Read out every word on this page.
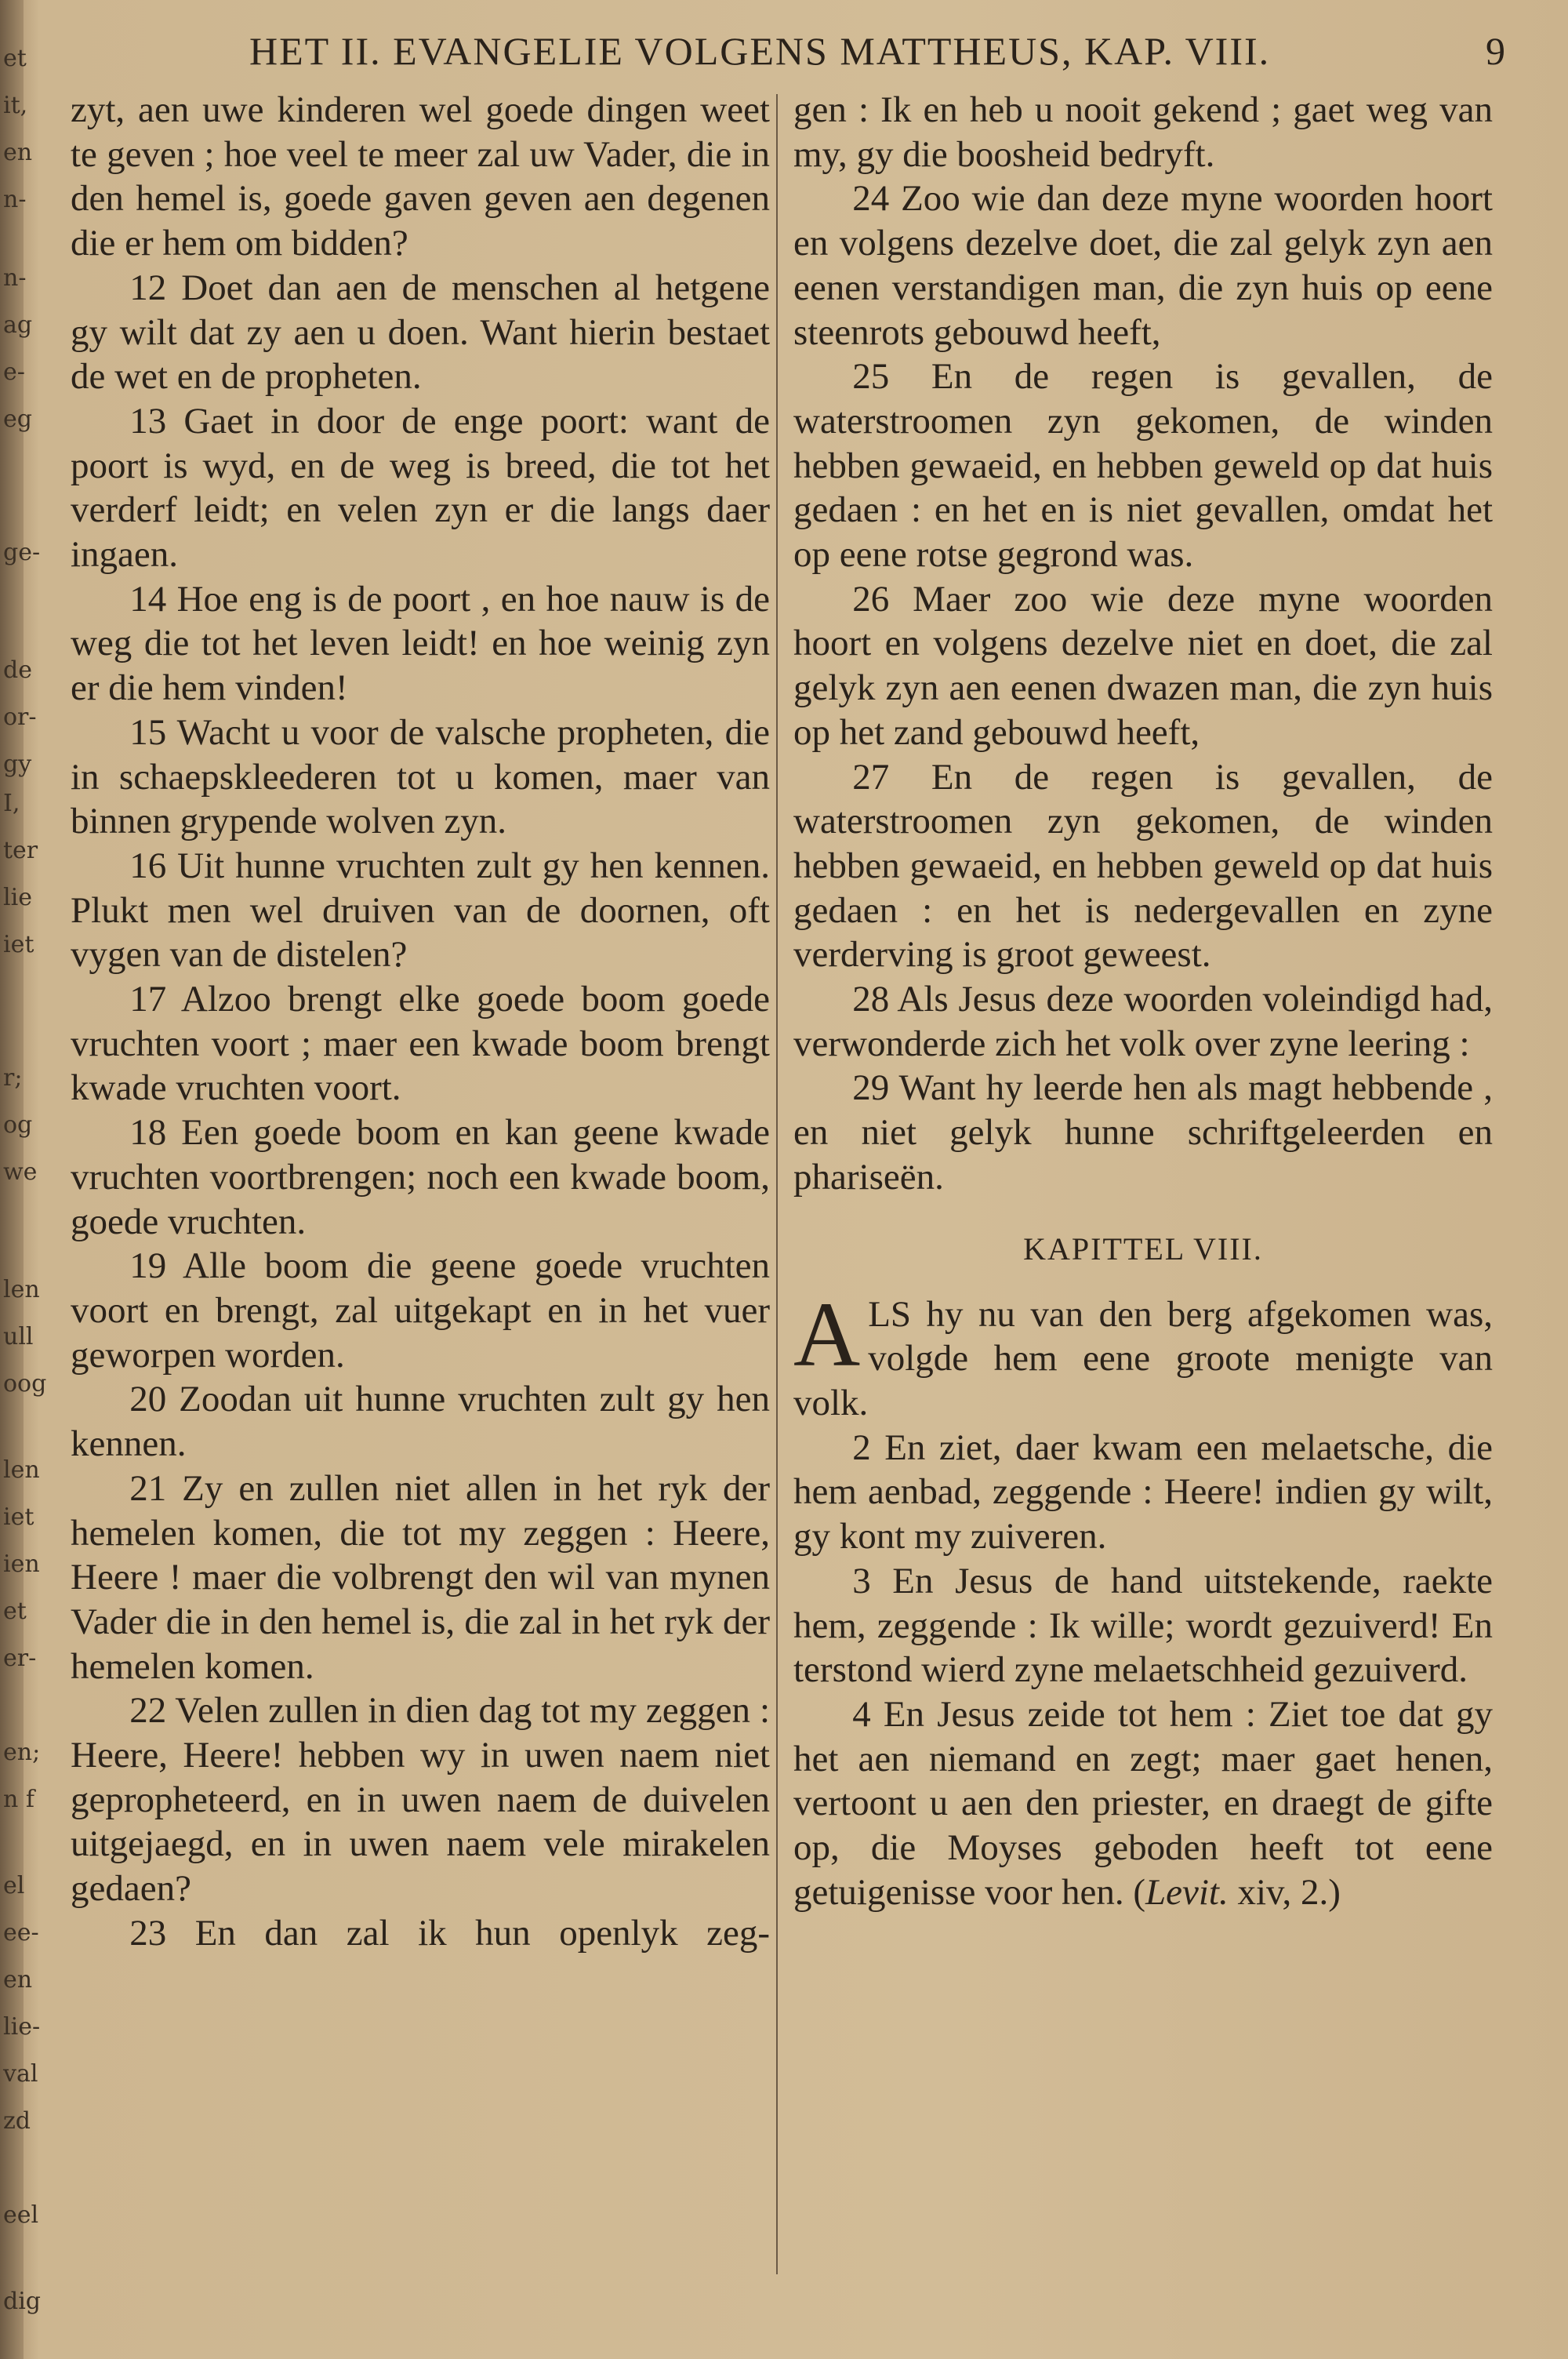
et
it,
en
n-
n-
ag
e-
eg
ge-
de
or-
gy
I,
ter
lie
iet
r;
og
we
len
ull
oog
len
iet
ien
et
er-
en;
n f
el
ee-
en
lie-
val
zd
eel
dig
HET II. EVANGELIE VOLGENS MATTHEUS, KAP. VIII.	9

zyt, aen uwe kinderen wel goede dingen weet te geven ; hoe veel te meer zal uw Vader, die in den hemel is, goede gaven geven aen degenen die er hem om bidden?

12 Doet dan aen de menschen al hetgene gy wilt dat zy aen u doen. Want hierin bestaet de wet en de propheten.

13 Gaet in door de enge poort: want de poort is wyd, en de weg is breed, die tot het verderf leidt; en velen zyn er die langs daer ingaen.

14 Hoe eng is de poort , en hoe nauw is de weg die tot het leven leidt! en hoe weinig zyn er die hem vinden!

15 Wacht u voor de valsche propheten, die in schaepskleederen tot u komen, maer van binnen grypende wolven zyn.

16 Uit hunne vruchten zult gy hen kennen. Plukt men wel druiven van de doornen, oft vygen van de distelen?

17 Alzoo brengt elke goede boom goede vruchten voort ; maer een kwade boom brengt kwade vruchten voort.

18 Een goede boom en kan geene kwade vruchten voortbrengen; noch een kwade boom, goede vruchten.

19 Alle boom die geene goede vruchten voort en brengt, zal uitgekapt en in het vuer geworpen worden.

20 Zoodan uit hunne vruchten zult gy hen kennen.

21 Zy en zullen niet allen in het ryk der hemelen komen, die tot my zeggen : Heere, Heere ! maer die volbrengt den wil van mynen Vader die in den hemel is, die zal in het ryk der hemelen komen.

22 Velen zullen in dien dag tot my zeggen : Heere, Heere! hebben wy in uwen naem niet gepropheteerd, en in uwen naem de duivelen uitgejaegd, en in uwen naem vele mirakelen gedaen?

23 En dan zal ik hun openlyk zeg-

gen : Ik en heb u nooit gekend ; gaet weg van my, gy die boosheid bedryft.

24 Zoo wie dan deze myne woorden hoort en volgens dezelve doet, die zal gelyk zyn aen eenen verstandigen man, die zyn huis op eene steenrots gebouwd heeft,

25 En de regen is gevallen, de waterstroomen zyn gekomen, de winden hebben gewaeid, en hebben geweld op dat huis gedaen : en het en is niet gevallen, omdat het op eene rotse gegrond was.

26 Maer zoo wie deze myne woorden hoort en volgens dezelve niet en doet, die zal gelyk zyn aen eenen dwazen man, die zyn huis op het zand gebouwd heeft,

27 En de regen is gevallen, de waterstroomen zyn gekomen, de winden hebben gewaeid, en hebben geweld op dat huis gedaen : en het is nedergevallen en zyne verderving is groot geweest.

28 Als Jesus deze woorden voleindigd had, verwonderde zich het volk over zyne leering :

29 Want hy leerde hen als magt hebbende , en niet gelyk hunne schriftgeleerden en phariseën.

KAPITTEL VIII.

ALS hy nu van den berg afgekomen was, volgde hem eene groote menigte van volk.

2 En ziet, daer kwam een melaetsche, die hem aenbad, zeggende : Heere! indien gy wilt, gy kont my zuiveren.

3 En Jesus de hand uitstekende, raekte hem, zeggende : Ik wille; wordt gezuiverd! En terstond wierd zyne melaetschheid gezuiverd.

4 En Jesus zeide tot hem : Ziet toe dat gy het aen niemand en zegt; maer gaet henen, vertoont u aen den priester, en draegt de gifte op, die Moyses geboden heeft tot eene getuigenisse voor hen. (Levit. xiv, 2.)
